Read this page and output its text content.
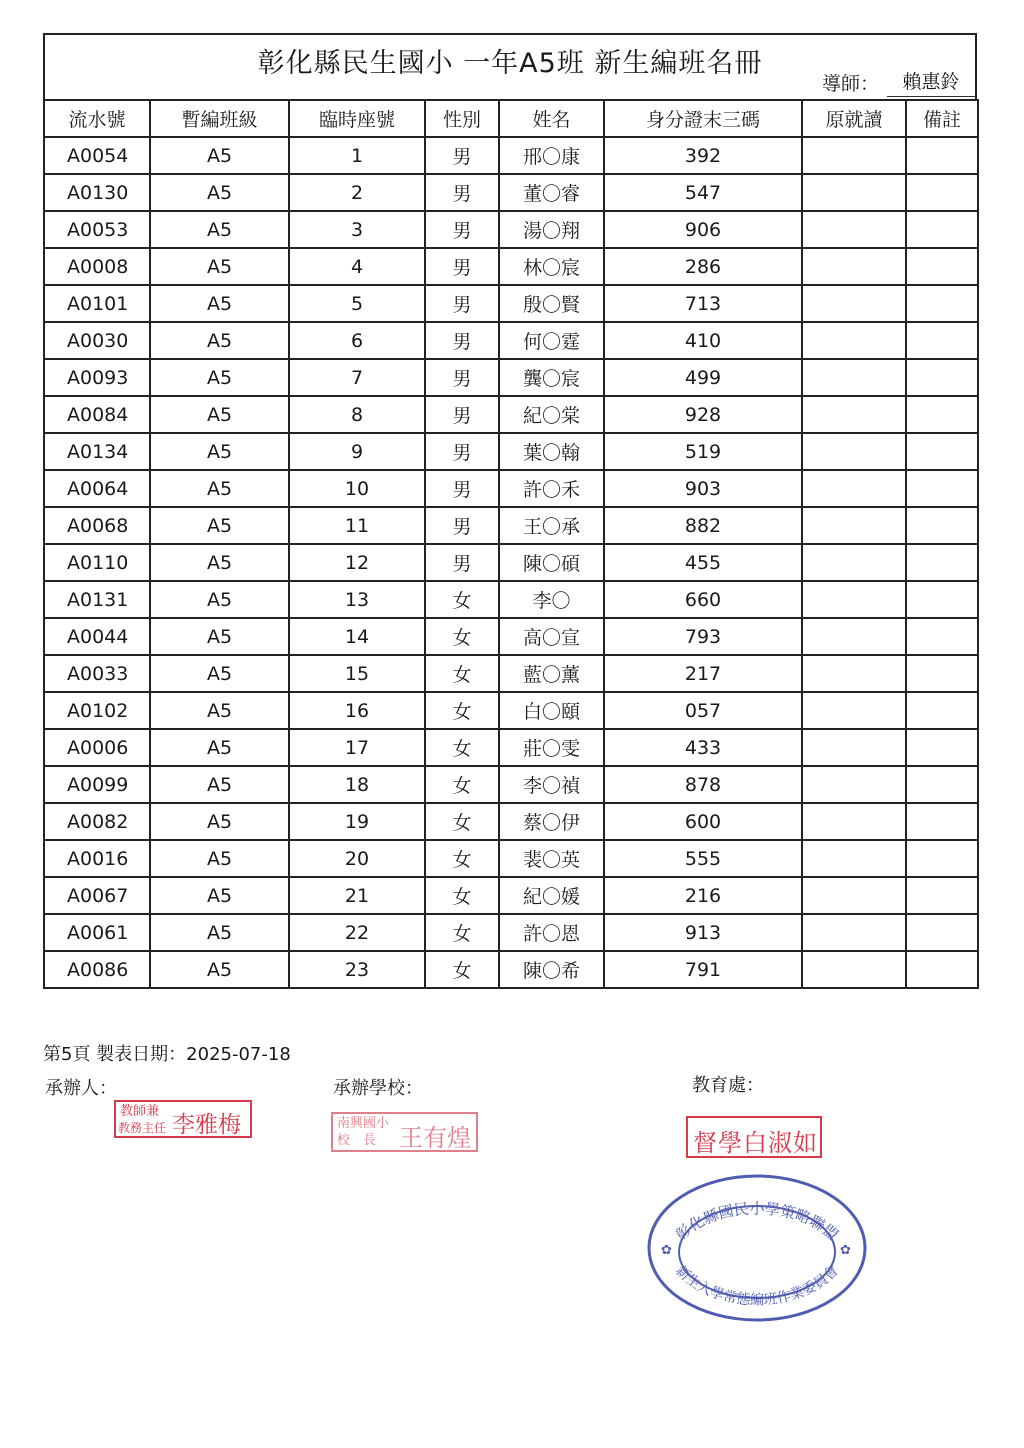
彰化縣民生國小 一年A5班 新生編班名冊
導師：	賴惠鈴
流水號	暫編班級	臨時座號	性別	姓名	身分證末三碼	原就讀	備註
A0054	A5	1	男	邢〇康	392		
A0130	A5	2	男	董〇睿	547		
A0053	A5	3	男	湯〇翔	906		
A0008	A5	4	男	林〇宸	286		
A0101	A5	5	男	殷〇賢	713		
A0030	A5	6	男	何〇霆	410		
A0093	A5	7	男	龔〇宸	499		
A0084	A5	8	男	紀〇棠	928		
A0134	A5	9	男	葉〇翰	519		
A0064	A5	10	男	許〇禾	903		
A0068	A5	11	男	王〇承	882		
A0110	A5	12	男	陳〇碩	455		
A0131	A5	13	女	李〇	660		
A0044	A5	14	女	高〇宣	793		
A0033	A5	15	女	藍〇薰	217		
A0102	A5	16	女	白〇頤	057		
A0006	A5	17	女	莊〇雯	433		
A0099	A5	18	女	李〇禎	878		
A0082	A5	19	女	蔡〇伊	600		
A0016	A5	20	女	裴〇英	555		
A0067	A5	21	女	紀〇媛	216		
A0061	A5	22	女	許〇恩	913		
A0086	A5	23	女	陳〇希	791		
第5頁 製表日期：2025-07-18
承辦人：	承辦學校：	教育處：
教師兼
教務主任 李雅梅	南興國小
校　長 王有煌	督學白淑如
彰化縣國民小學策略聯盟
新生入學常態編班作業委員會
✿	✿
